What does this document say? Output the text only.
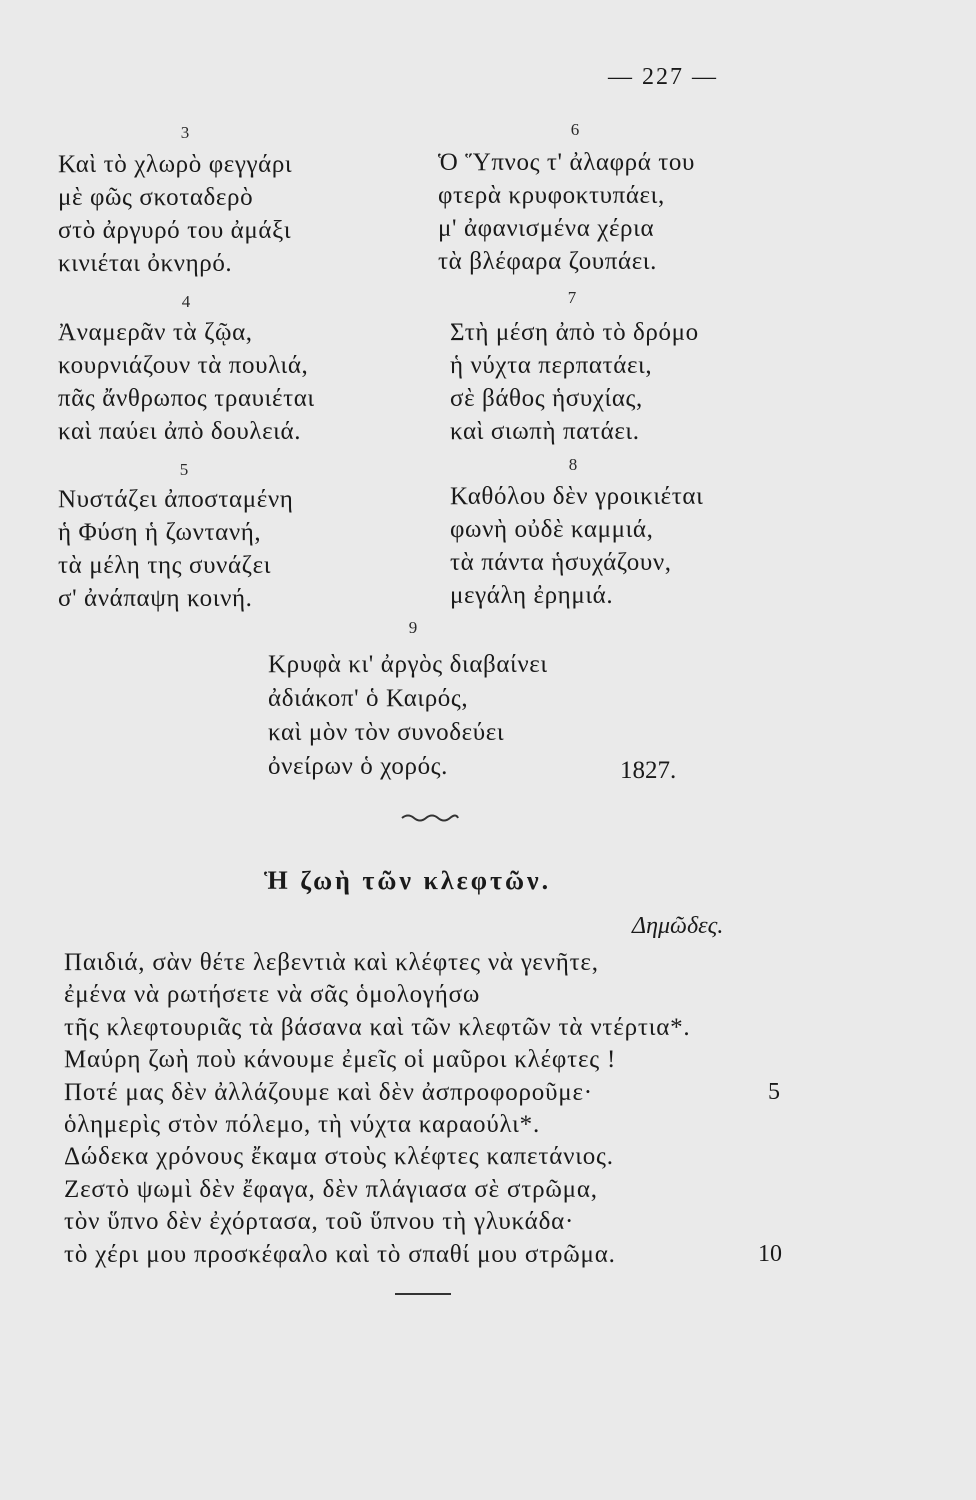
— 227 —
3
Καὶ τὸ χλωρὸ φεγγάρι
μὲ φῶς σκοταδερὸ
στὸ ἀργυρό του ἀμάξι
κινιέται ὀκνηρό.
4
Ἀναμερᾶν τὰ ζῷα,
κουρνιάζουν τὰ πουλιά,
πᾶς ἄνθρωπος τραυιέται
καὶ παύει ἀπὸ δουλειά.
5
Νυστάζει ἀποσταμένη
ἡ Φύση ἡ ζωντανή,
τὰ μέλη της συνάζει
σ' ἀνάπαψη κοινή.
6
Ὁ Ὕπνος τ' ἀλαφρά του
φτερὰ κρυφοκτυπάει,
μ' ἀφανισμένα χέρια
τὰ βλέφαρα ζουπάει.
7
Στὴ μέση ἀπὸ τὸ δρόμο
ἡ νύχτα περπατάει,
σὲ βάθος ἡσυχίας,
καὶ σιωπὴ πατάει.
8
Καθόλου δὲν γροικιέται
φωνὴ οὐδὲ καμμιά,
τὰ πάντα ἡσυχάζουν,
μεγάλη ἐρημιά.
9
Κρυφὰ κι' ἀργὸς διαβαίνει
ἀδιάκοπ' ὁ Καιρός,
καὶ μὸν τὸν συνοδεύει
ὀνείρων ὁ χορός.	1827.
Ἡ ζωὴ τῶν κλεφτῶν.
Δημῶδες.
Παιδιά, σὰν θέτε λεβεντιὰ καὶ κλέφτες νὰ γενῆτε,
ἐμένα νὰ ρωτήσετε νὰ σᾶς ὁμολογήσω
τῆς κλεφτουριᾶς τὰ βάσανα καὶ τῶν κλεφτῶν τὰ ντέρτια*.
Μαύρη ζωὴ ποὺ κάνουμε ἐμεῖς οἱ μαῦροι κλέφτες !
Ποτέ μας δὲν ἀλλάζουμε καὶ δὲν ἀσπροφοροῦμε·
ὁλημερὶς στὸν πόλεμο, τὴ νύχτα καραούλι*.
Δώδεκα χρόνους ἔκαμα στοὺς κλέφτες καπετάνιος.
Ζεστὸ ψωμὶ δὲν ἔφαγα, δὲν πλάγιασα σὲ στρῶμα,
τὸν ὕπνο δὲν ἐχόρτασα, τοῦ ὕπνου τὴ γλυκάδα·
τὸ χέρι μου προσκέφαλο καὶ τὸ σπαθί μου στρῶμα.
5
10
